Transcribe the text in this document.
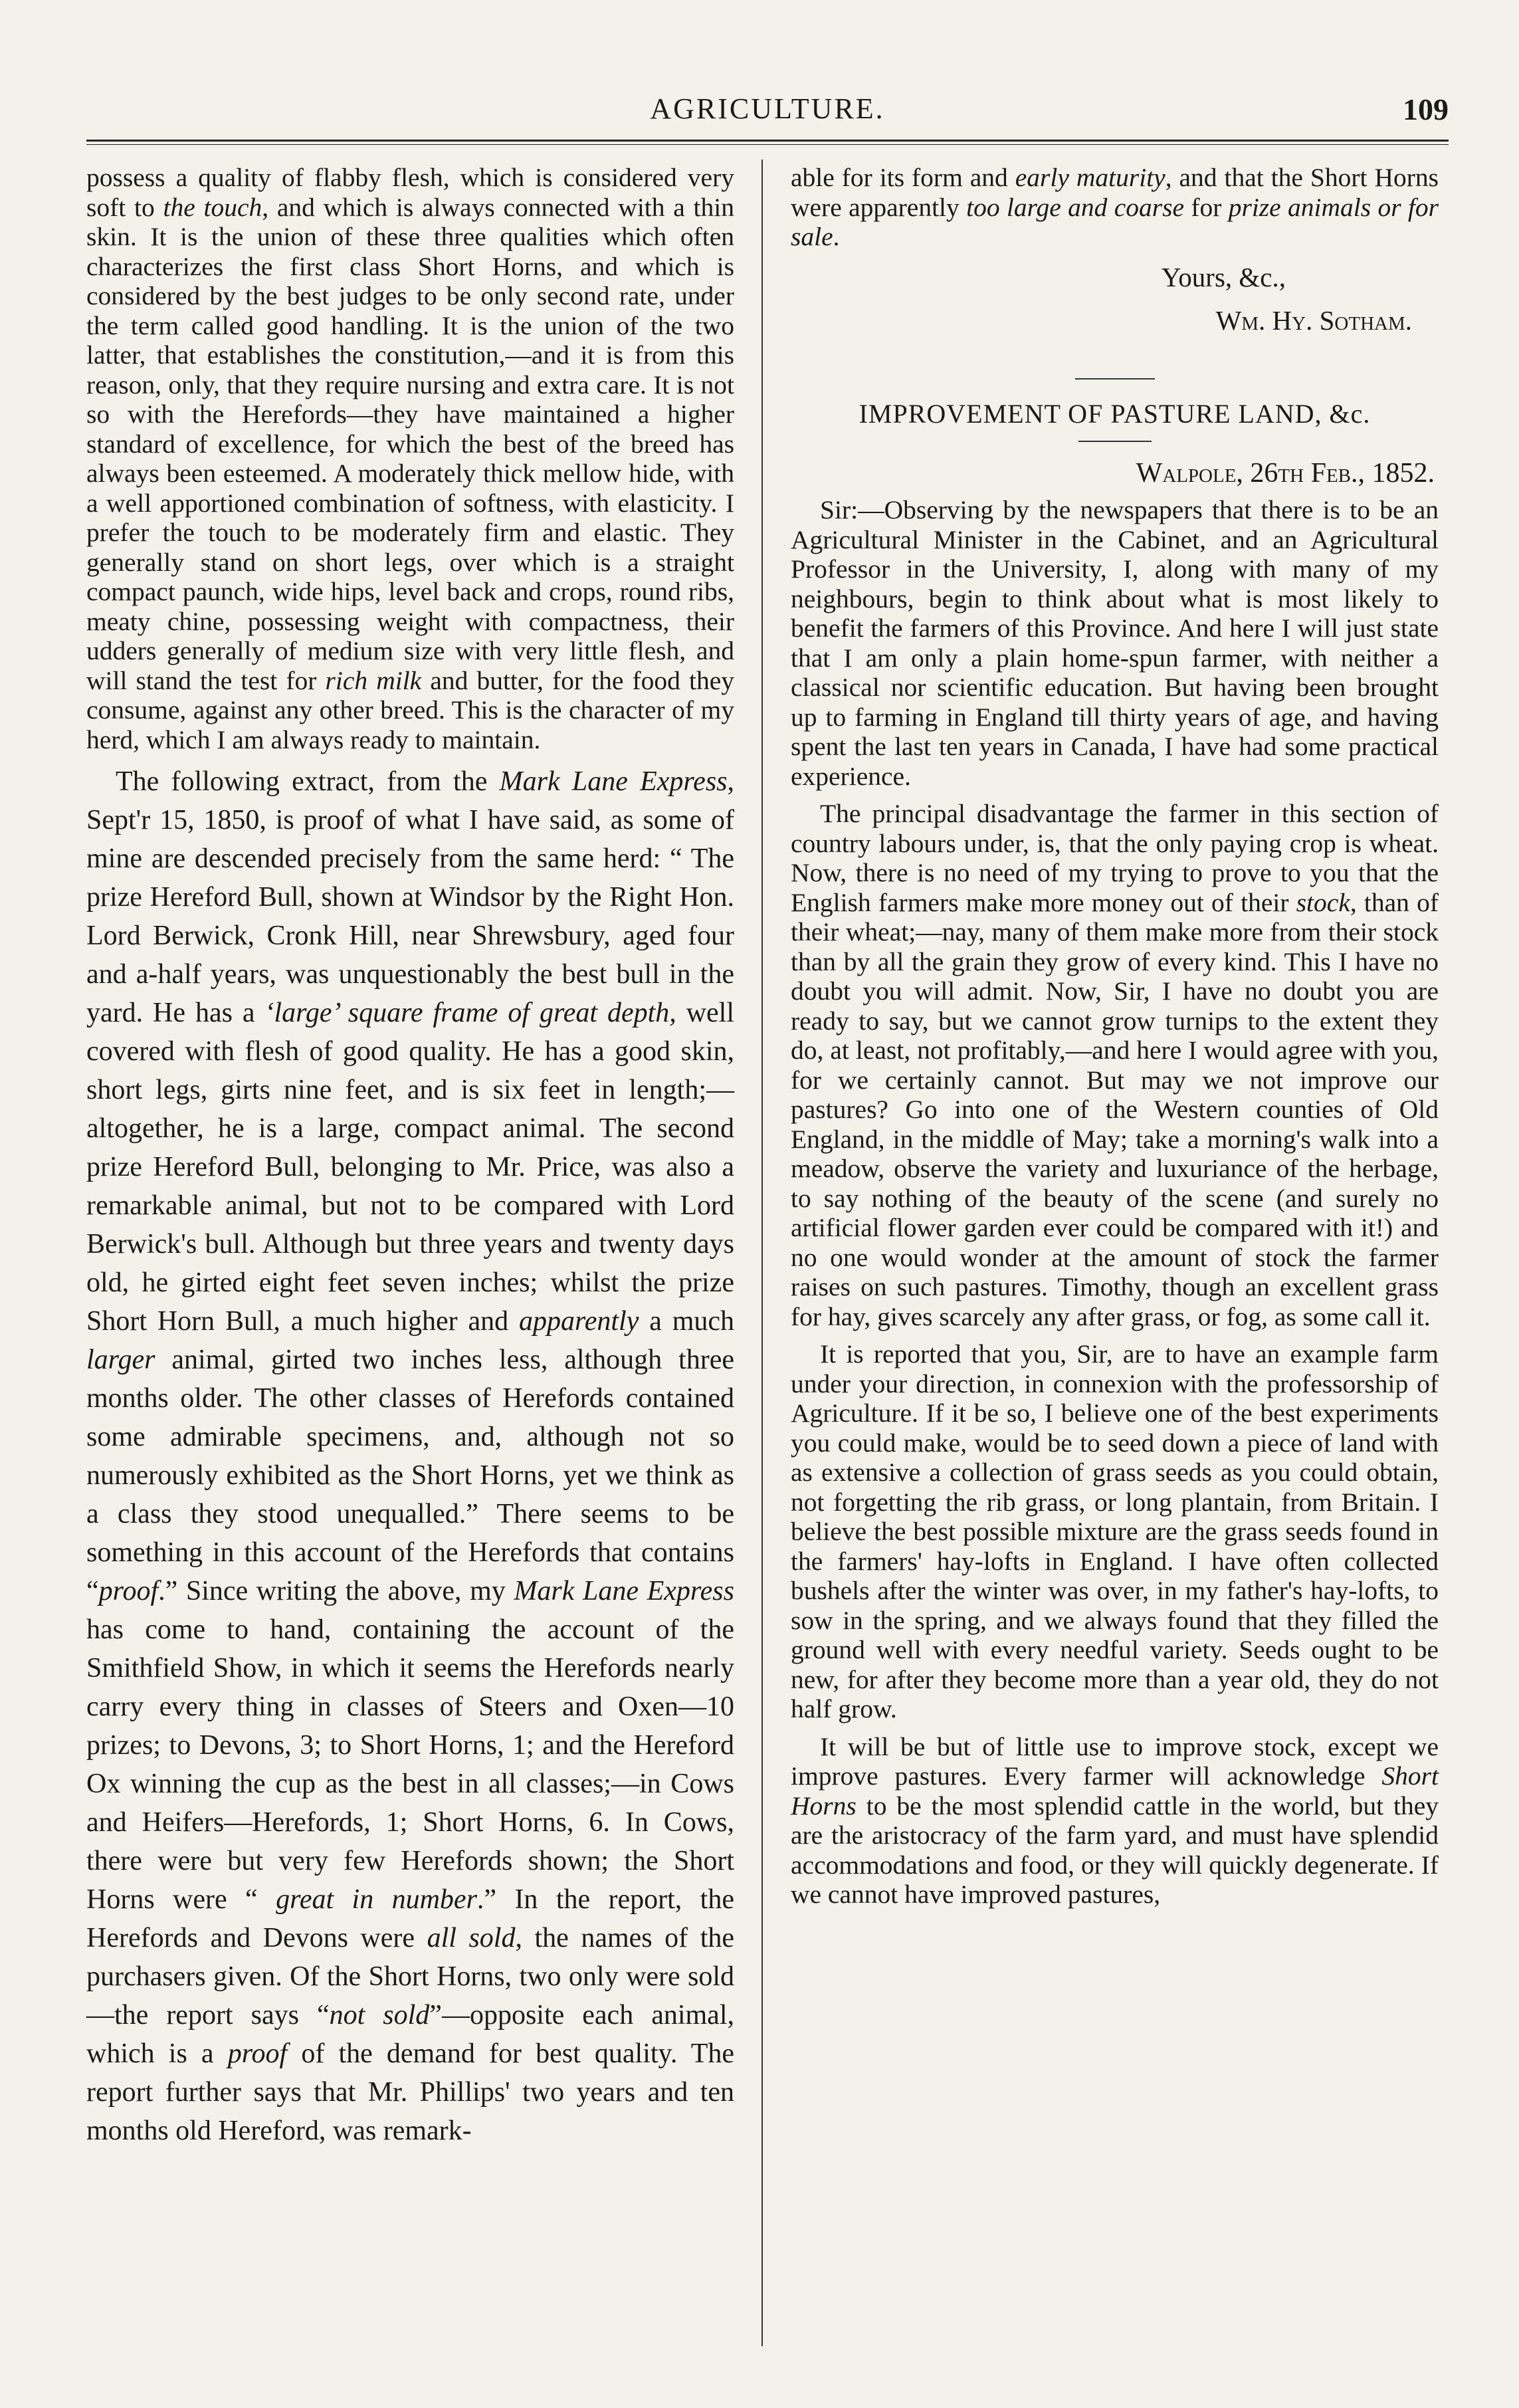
AGRICULTURE.	109

possess a quality of flabby flesh, which is considered very soft to the touch, and which is always connected with a thin skin. It is the union of these three qualities which often characterizes the first class Short Horns, and which is considered by the best judges to be only second rate, under the term called good handling. It is the union of the two latter, that establishes the constitution,—and it is from this reason, only, that they require nursing and extra care. It is not so with the Herefords—they have maintained a higher standard of excellence, for which the best of the breed has always been esteemed. A moderately thick mellow hide, with a well apportioned combination of softness, with elasticity. I prefer the touch to be moderately firm and elastic. They generally stand on short legs, over which is a straight compact paunch, wide hips, level back and crops, round ribs, meaty chine, possessing weight with compactness, their udders generally of medium size with very little flesh, and will stand the test for rich milk and butter, for the food they consume, against any other breed. This is the character of my herd, which I am always ready to maintain.

The following extract, from the Mark Lane Express, Sept'r 15, 1850, is proof of what I have said, as some of mine are descended precisely from the same herd: “ The prize Hereford Bull, shown at Windsor by the Right Hon. Lord Berwick, Cronk Hill, near Shrewsbury, aged four and a-half years, was unquestionably the best bull in the yard. He has a ‘large’ square frame of great depth, well covered with flesh of good quality. He has a good skin, short legs, girts nine feet, and is six feet in length;—altogether, he is a large, compact animal. The second prize Hereford Bull, belonging to Mr. Price, was also a remarkable animal, but not to be compared with Lord Berwick's bull. Although but three years and twenty days old, he girted eight feet seven inches; whilst the prize Short Horn Bull, a much higher and apparently a much larger animal, girted two inches less, although three months older. The other classes of Herefords contained some admirable specimens, and, although not so numerously exhibited as the Short Horns, yet we think as a class they stood unequalled.” There seems to be something in this account of the Herefords that contains “proof.” Since writing the above, my Mark Lane Express has come to hand, containing the account of the Smithfield Show, in which it seems the Herefords nearly carry every thing in classes of Steers and Oxen—10 prizes; to Devons, 3; to Short Horns, 1; and the Hereford Ox winning the cup as the best in all classes;—in Cows and Heifers—Herefords, 1; Short Horns, 6. In Cows, there were but very few Herefords shown; the Short Horns were “ great in number.” In the report, the Herefords and Devons were all sold, the names of the purchasers given. Of the Short Horns, two only were sold—the report says “not sold”—opposite each animal, which is a proof of the demand for best quality. The report further says that Mr. Phillips' two years and ten months old Hereford, was remark-

able for its form and early maturity, and that the Short Horns were apparently too large and coarse for prize animals or for sale.

Yours, &c.,

Wm. Hy. Sotham.

IMPROVEMENT OF PASTURE LAND, &c.
Walpole, 26th Feb., 1852.

Sir:—Observing by the newspapers that there is to be an Agricultural Minister in the Cabinet, and an Agricultural Professor in the University, I, along with many of my neighbours, begin to think about what is most likely to benefit the farmers of this Province. And here I will just state that I am only a plain home-spun farmer, with neither a classical nor scientific education. But having been brought up to farming in England till thirty years of age, and having spent the last ten years in Canada, I have had some practical experience.

The principal disadvantage the farmer in this section of country labours under, is, that the only paying crop is wheat. Now, there is no need of my trying to prove to you that the English farmers make more money out of their stock, than of their wheat;—nay, many of them make more from their stock than by all the grain they grow of every kind. This I have no doubt you will admit. Now, Sir, I have no doubt you are ready to say, but we cannot grow turnips to the extent they do, at least, not profitably,—and here I would agree with you, for we certainly cannot. But may we not improve our pastures? Go into one of the Western counties of Old England, in the middle of May; take a morning's walk into a meadow, observe the variety and luxuriance of the herbage, to say nothing of the beauty of the scene (and surely no artificial flower garden ever could be compared with it!) and no one would wonder at the amount of stock the farmer raises on such pastures. Timothy, though an excellent grass for hay, gives scarcely any after grass, or fog, as some call it.

It is reported that you, Sir, are to have an example farm under your direction, in connexion with the professorship of Agriculture. If it be so, I believe one of the best experiments you could make, would be to seed down a piece of land with as extensive a collection of grass seeds as you could obtain, not forgetting the rib grass, or long plantain, from Britain. I believe the best possible mixture are the grass seeds found in the farmers' hay-lofts in England. I have often collected bushels after the winter was over, in my father's hay-lofts, to sow in the spring, and we always found that they filled the ground well with every needful variety. Seeds ought to be new, for after they become more than a year old, they do not half grow.

It will be but of little use to improve stock, except we improve pastures. Every farmer will acknowledge Short Horns to be the most splendid cattle in the world, but they are the aristocracy of the farm yard, and must have splendid accommodations and food, or they will quickly degenerate. If we cannot have improved pastures,
